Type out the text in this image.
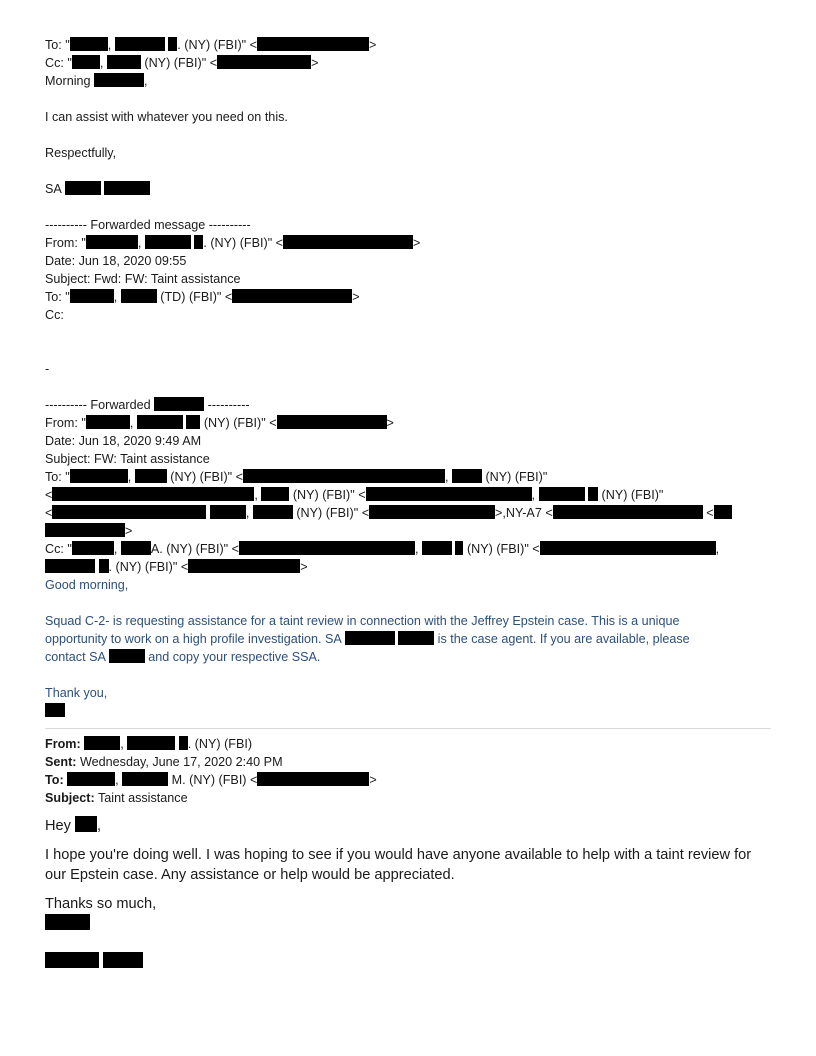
To: "	,	. (NY) (FBI)" <	>
Cc: " ,	(NY) (FBI)" <	>
Morning	,
I can assist with whatever you need on this.
Respectfully,
SA
---------- Forwarded message ----------
From: "	,	. (NY) (FBI)" <	>
Date: Jun 18, 2020 09:55
Subject: Fwd: FW: Taint assistance
To: "	,	(TD) (FBI)" <	>
Cc:
-
---------- Forwarded	----------
From: "	,	(NY) (FBI)" <	>
Date: Jun 18, 2020 9:49 AM
Subject: FW: Taint assistance
To: "	,	(NY) (FBI)" <	,	(NY) (FBI)"
<	,	(NY) (FBI)" <	,	(NY) (FBI)"
<	,	(NY) (FBI)" <	>,NY-A7 <	<
>
Cc: "	,	A. (NY) (FBI)" <	,	(NY) (FBI)" <	,
. (NY) (FBI)" <	>
Good morning,
Squad C-2- is requesting assistance for a taint review in connection with the Jeffrey Epstein case. This is a unique
opportunity to work on a high profile investigation. SA	is the case agent. If you are available, please
contact SA	and copy your respective SSA.
Thank you,
From:	,	. (NY) (FBI)
Sent: Wednesday, June 17, 2020 2:40 PM
To:	,	M. (NY) (FBI) <	>
Subject: Taint assistance
Hey ,
I hope you're doing well. I was hoping to see if you would have anyone available to help with a taint review for
our Epstein case. Any assistance or help would be appreciated.
Thanks so much,
